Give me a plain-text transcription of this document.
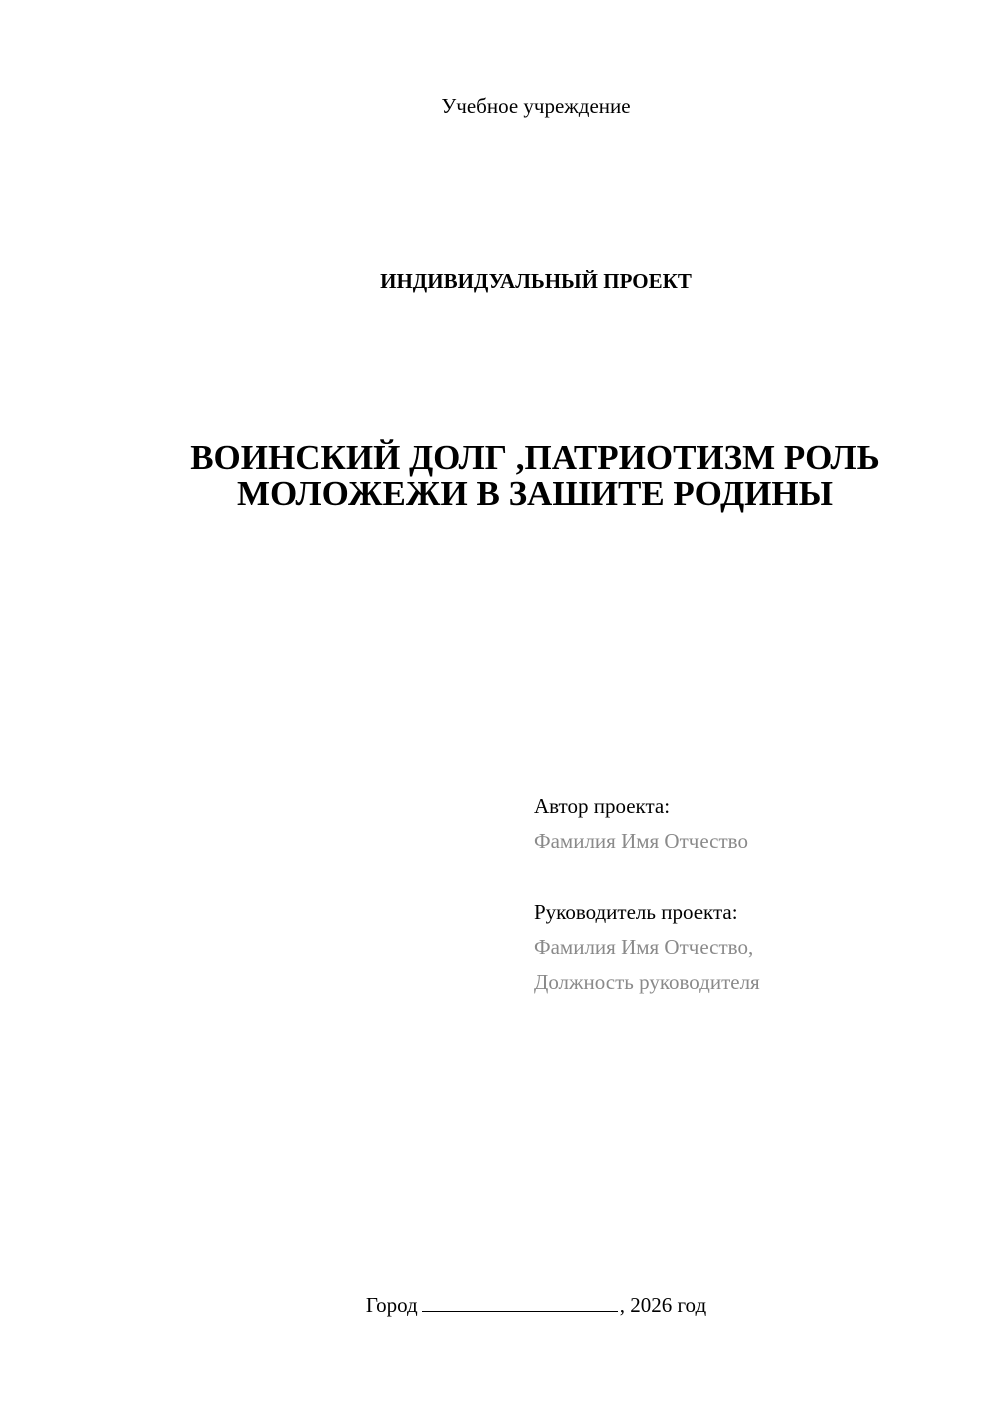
Учебное учреждение
ИНДИВИДУАЛЬНЫЙ ПРОЕКТ
ВОИНСКИЙ ДОЛГ ,ПАТРИОТИЗМ РОЛЬ
МОЛОЖЕЖИ В ЗАШИТЕ РОДИНЫ
Автор проекта:
Фамилия Имя Отчество
Руководитель проекта:
Фамилия Имя Отчество,
Должность руководителя
Город	, 2026 год
